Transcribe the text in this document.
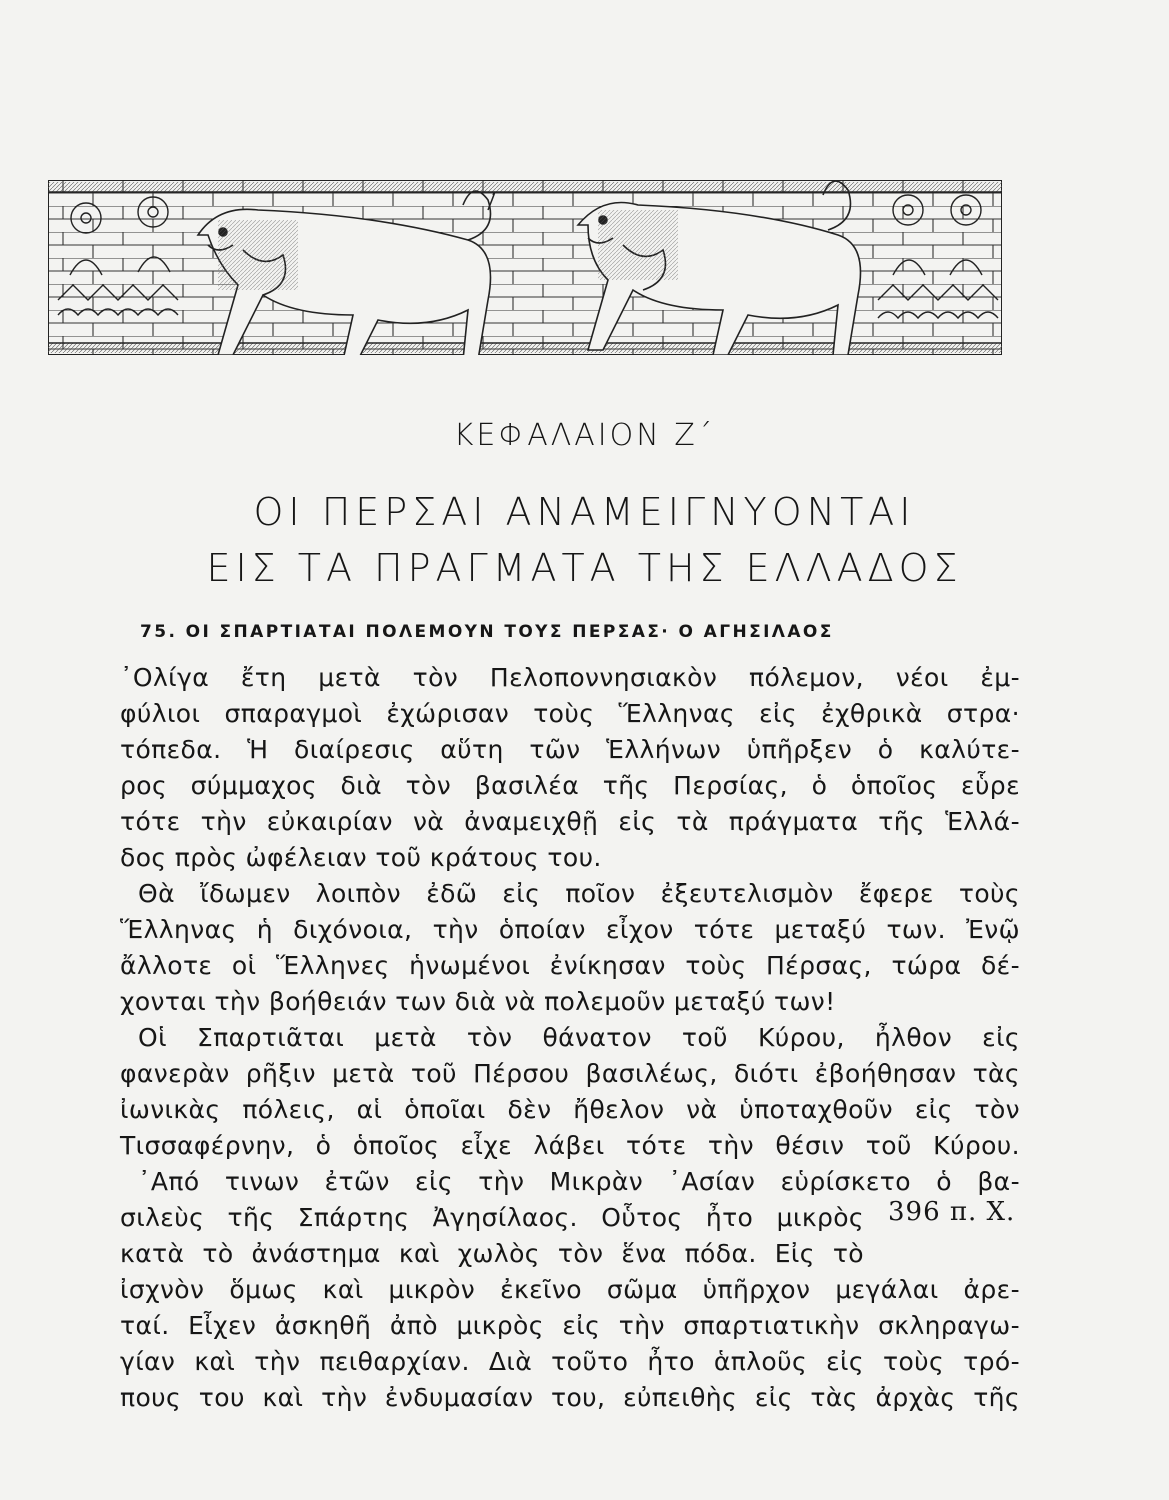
ΚΕΦΑΛΑΙΟΝ Ζ΄
ΟΙ ΠΕΡΣΑΙ ΑΝΑΜΕΙΓΝΥΟΝΤΑΙ
ΕΙΣ ΤΑ ΠΡΑΓΜΑΤΑ ΤΗΣ ΕΛΛΑΔΟΣ
75. ΟΙ ΣΠΑΡΤΙΑΤΑΙ ΠΟΛΕΜΟΥΝ ΤΟΥΣ ΠΕΡΣΑΣ· Ο ΑΓΗΣΙΛΑΟΣ
᾿Ολίγα ἔτη μετὰ τὸν Πελοποννησιακὸν πόλεμον, νέοι ἐμ-
φύλιοι σπαραγμοὶ ἐχώρισαν τοὺς Ἕλληνας εἰς ἐχθρικὰ στρα·
τόπεδα. Ἡ διαίρεσις αὕτη τῶν Ἑλλήνων ὑπῆρξεν ὁ καλύτε-
ρος σύμμαχος διὰ τὸν βασιλέα τῆς Περσίας, ὁ ὁποῖος εὗρε
τότε τὴν εὐκαιρίαν νὰ ἀναμειχθῇ εἰς τὰ πράγματα τῆς Ἑλλά-
δος πρὸς ὠφέλειαν τοῦ κράτους του.
Θὰ ἴδωμεν λοιπὸν ἐδῶ εἰς ποῖον ἐξευτελισμὸν ἔφερε τοὺς
Ἕλληνας ἡ διχόνοια, τὴν ὁποίαν εἶχον τότε μεταξύ των. Ἐνῷ
ἄλλοτε οἱ Ἕλληνες ἡνωμένοι ἐνίκησαν τοὺς Πέρσας, τώρα δέ-
χονται τὴν βοήθειάν των διὰ νὰ πολεμοῦν μεταξύ των!
Οἱ Σπαρτιᾶται μετὰ τὸν θάνατον τοῦ Κύρου, ἦλθον εἰς
φανερὰν ρῆξιν μετὰ τοῦ Πέρσου βασιλέως, διότι ἐβοήθησαν τὰς
ἰωνικὰς πόλεις, αἱ ὁποῖαι δὲν ἤθελον νὰ ὑποταχθοῦν εἰς τὸν
Τισσαφέρνην, ὁ ὁποῖος εἶχε λάβει τότε τὴν θέσιν τοῦ Κύρου.
᾿Από τινων ἐτῶν εἰς τὴν Μικρὰν ᾿Ασίαν εὑρίσκετο ὁ βα-
σιλεὺς τῆς Σπάρτης Ἀγησίλαος. Οὗτος ἦτο μικρὸς
κατὰ τὸ ἀνάστημα καὶ χωλὸς τὸν ἕνα πόδα. Εἰς τὸ
ἰσχνὸν ὅμως καὶ μικρὸν ἐκεῖνο σῶμα ὑπῆρχον μεγάλαι ἀρε-
ταί. Εἶχεν ἀσκηθῆ ἀπὸ μικρὸς εἰς τὴν σπαρτιατικὴν σκληραγω-
γίαν καὶ τὴν πειθαρχίαν. Διὰ τοῦτο ἦτο ἁπλοῦς εἰς τοὺς τρό-
πους του καὶ τὴν ἐνδυμασίαν του, εὐπειθὴς εἰς τὰς ἀρχὰς τῆς
396 π. Χ.
